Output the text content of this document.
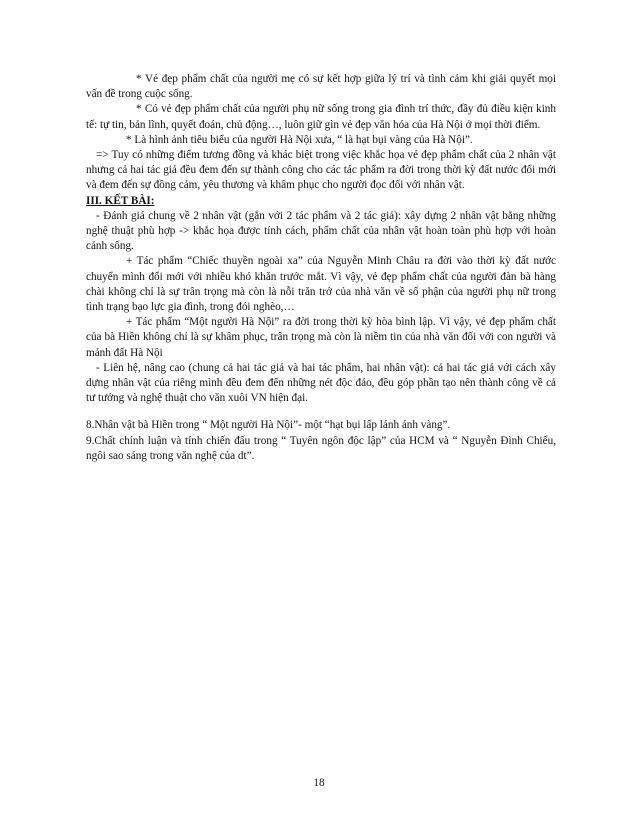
* Vẻ đẹp phẩm chất của người mẹ có sự kết hợp giữa lý trí và tình cảm khi giải quyết mọi vấn đề trong cuộc sống.

* Có vẻ đẹp phẩm chất của người phụ nữ sống trong gia đình trí thức, đầy đủ điều kiện kinh tế: tự tin, bản lĩnh, quyết đoán, chủ động…, luôn giữ gìn vẻ đẹp văn hóa của Hà Nội ở mọi thời điểm.

* Là hình ảnh tiêu biểu của người Hà Nội xưa, “ là hạt bụi vàng của Hà Nội”.

=> Tuy có những điểm tương đồng và khác biệt trong việc khắc họa vẻ đẹp phẩm chất của 2 nhân vật nhưng cả hai tác giả đều đem đến sự thành công cho các tác phẩm ra đời trong thời kỳ đất nước đổi mới và đem đến sự đồng cảm, yêu thương và khâm phục cho người đọc đối với nhân vật.

III. KẾT BÀI:

- Đánh giá chung về 2 nhân vật (gắn với 2 tác phẩm và 2 tác giả): xây dựng 2 nhân vật bằng những nghệ thuật phù hợp -> khắc họa được tính cách, phẩm chất của nhân vật hoàn toàn phù hợp với hoàn cảnh sống.

+ Tác phẩm “Chiếc thuyền ngoài xa” của Nguyễn Minh Châu ra đời vào thời kỳ đất nước chuyển mình đổi mới với nhiều khó khăn trước mắt. Vì vậy, vẻ đẹp phẩm chất của người đàn bà hàng chài không chỉ là sự trân trọng mà còn là nỗi trăn trở của nhà văn về số phận của người phụ nữ trong tình trạng bạo lực gia đình, trong đói nghèo,…

+ Tác phẩm “Một người Hà Nội” ra đời trong thời kỳ hòa bình lập. Vì vậy, vẻ đẹp phẩm chất của bà Hiền không chỉ là sự khâm phục, trân trọng mà còn là niềm tin của nhà văn đối với con người và mảnh đất Hà Nội

- Liên hệ, nâng cao (chung cả hai tác giả và hai tác phẩm, hai nhân vật): cả hai tác giả với cách xây dựng nhân vật của riêng mình đều đem đến những nét độc đáo, đều góp phần tạo nên thành công về cả tư tưởng và nghệ thuật cho văn xuôi VN hiện đại.

8.Nhân vật bà Hiền trong “ Một người Hà Nội”- một “hạt bụi lấp lánh ánh vàng”.

9.Chất chính luận và tính chiến đấu trong “ Tuyên ngôn độc lập” của HCM và “ Nguyễn Đình Chiểu, ngôi sao sáng trong văn nghệ của dt”.

18
